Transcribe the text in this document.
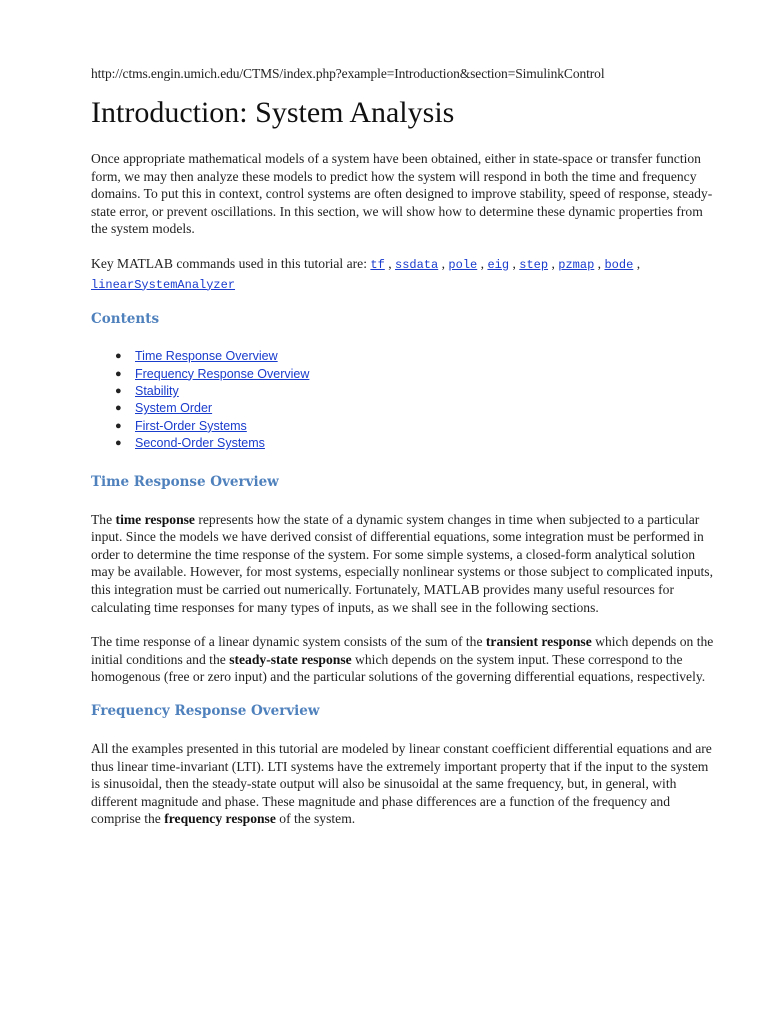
http://ctms.engin.umich.edu/CTMS/index.php?example=Introduction&section=SimulinkControl
Introduction: System Analysis

Once appropriate mathematical models of a system have been obtained, either in state-space or transfer function form, we may then analyze these models to predict how the system will respond in both the time and frequency domains. To put this in context, control systems are often designed to improve stability, speed of response, steady-state error, or prevent oscillations. In this section, we will show how to determine these dynamic properties from the system models.

Key MATLAB commands used in this tutorial are: tf , ssdata , pole , eig , step , pzmap , bode ,
linearSystemAnalyzer

Contents
● Time Response Overview
● Frequency Response Overview
● Stability
● System Order
● First-Order Systems
● Second-Order Systems
Time Response Overview

The time response represents how the state of a dynamic system changes in time when subjected to a particular input. Since the models we have derived consist of differential equations, some integration must be performed in order to determine the time response of the system. For some simple systems, a closed-form analytical solution may be available. However, for most systems, especially nonlinear systems or those subject to complicated inputs, this integration must be carried out numerically. Fortunately, MATLAB provides many useful resources for calculating time responses for many types of inputs, as we shall see in the following sections.

The time response of a linear dynamic system consists of the sum of the transient response which depends on the initial conditions and the steady-state response which depends on the system input. These correspond to the homogenous (free or zero input) and the particular solutions of the governing differential equations, respectively.

Frequency Response Overview

All the examples presented in this tutorial are modeled by linear constant coefficient differential equations and are thus linear time-invariant (LTI). LTI systems have the extremely important property that if the input to the system is sinusoidal, then the steady-state output will also be sinusoidal at the same frequency, but, in general, with different magnitude and phase. These magnitude and phase differences are a function of the frequency and comprise the frequency response of the system.
